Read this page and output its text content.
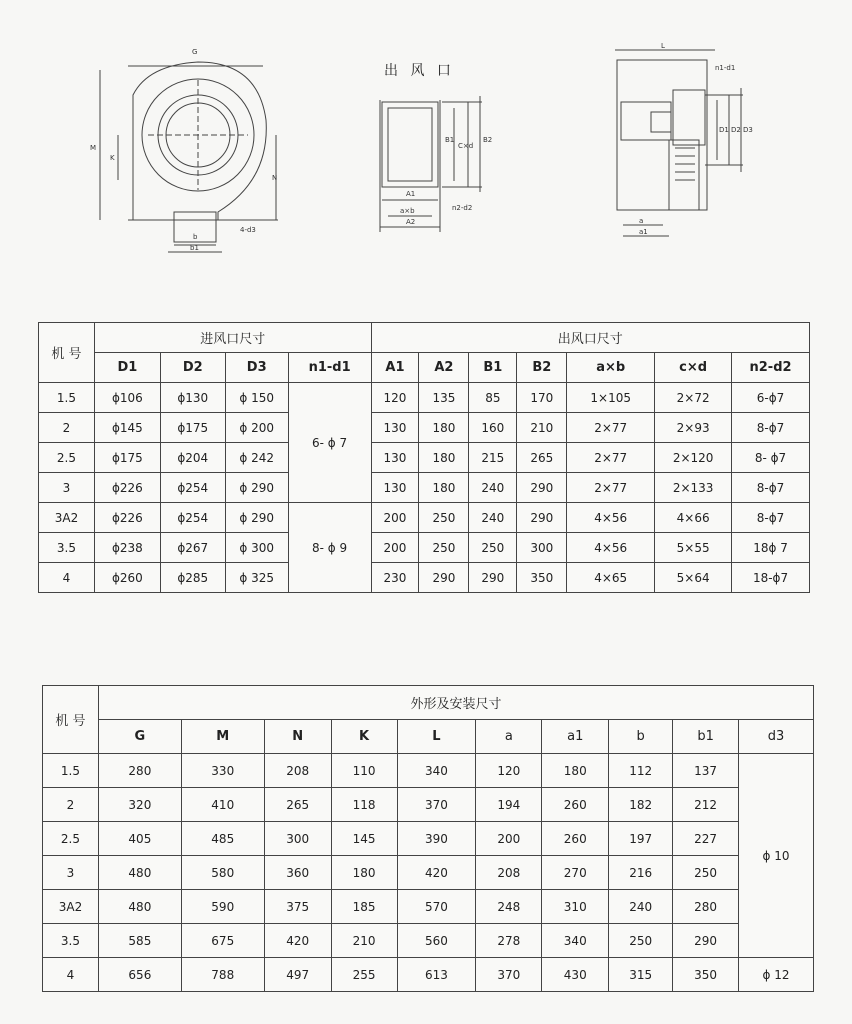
G
M
K
N
b
b1
4-d3
出 风 口
A1
a×b
A2
B1
C×d
B2
n2-d2
L
n1-d1
D1 D2 D3
a
a1
机 号	进风口尺寸				出风口尺寸						
	D1	D2	D3	n1-d1	A1	A2	B1	B2	a×b	c×d	n2-d2
1.5	ϕ106	ϕ130	ϕ 150	6- ϕ 7	120	135	85	170	1×105	2×72	6-ϕ7
2	ϕ145	ϕ175	ϕ 200		130	180	160	210	2×77	2×93	8-ϕ7
2.5	ϕ175	ϕ204	ϕ 242		130	180	215	265	2×77	2×120	8- ϕ7
3	ϕ226	ϕ254	ϕ 290		130	180	240	290	2×77	2×133	8-ϕ7
3A2	ϕ226	ϕ254	ϕ 290	8- ϕ 9	200	250	240	290	4×56	4×66	8-ϕ7
3.5	ϕ238	ϕ267	ϕ 300		200	250	250	300	4×56	5×55	18ϕ 7
4	ϕ260	ϕ285	ϕ 325		230	290	290	350	4×65	5×64	18-ϕ7
机 号	外形及安装尺寸									
	G	M	N	K	L	a	a1	b	b1	d3
1.5	280	330	208	110	340	120	180	112	137	ϕ 10
2	320	410	265	118	370	194	260	182	212	
2.5	405	485	300	145	390	200	260	197	227	
3	480	580	360	180	420	208	270	216	250	
3A2	480	590	375	185	570	248	310	240	280	
3.5	585	675	420	210	560	278	340	250	290	
4	656	788	497	255	613	370	430	315	350	ϕ 12
